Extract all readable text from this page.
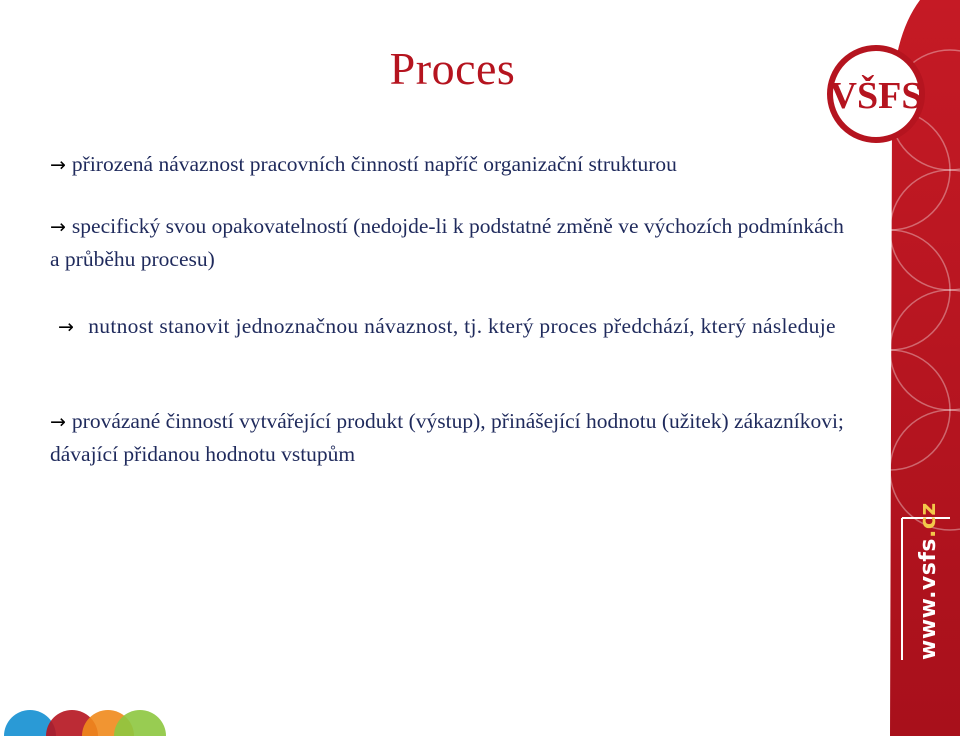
Proces
→ přirozená návaznost pracovních činností napříč organizační strukturou
→ specifický svou opakovatelností (nedojde-li k podstatné změně ve výchozích podmínkách a průběhu procesu)
→ nutnost stanovit jednoznačnou návaznost, tj. který proces předchází, který následuje
→ provázané činností vytvářející produkt (výstup), přinášející hodnotu (užitek) zákazníkovi; dávající přidanou hodnotu vstupům
VŠFS
www.vsfs.cz
